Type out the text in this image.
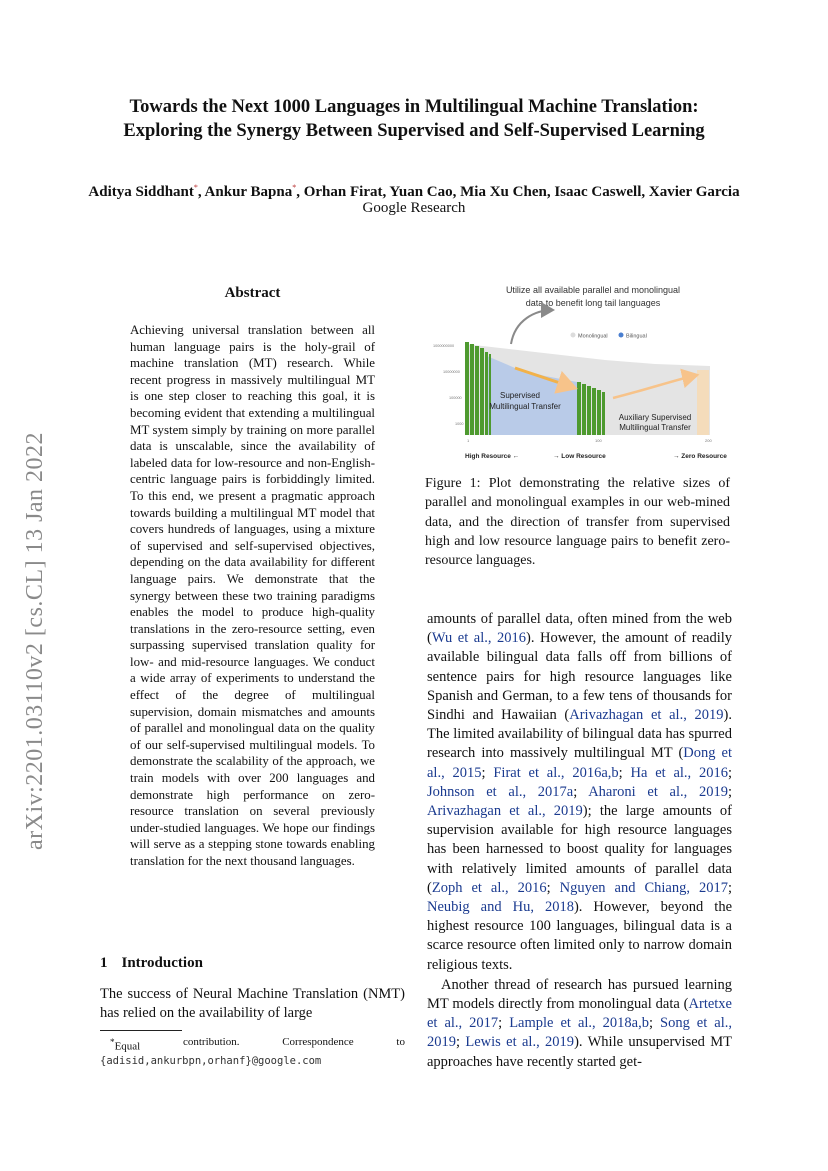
arXiv:2201.03110v2 [cs.CL] 13 Jan 2022
Towards the Next 1000 Languages in Multilingual Machine Translation:
Exploring the Synergy Between Supervised and Self-Supervised Learning
Aditya Siddhant*, Ankur Bapna*, Orhan Firat, Yuan Cao, Mia Xu Chen, Isaac Caswell, Xavier Garcia
Google Research
Abstract
Achieving universal translation between all human language pairs is the holy-grail of machine translation (MT) research. While recent progress in massively multilingual MT is one step closer to reaching this goal, it is becoming evident that extending a multilingual MT system simply by training on more parallel data is unscalable, since the availability of labeled data for low-resource and non-English-centric language pairs is forbiddingly limited. To this end, we present a pragmatic approach towards building a multilingual MT model that covers hundreds of languages, using a mixture of supervised and self-supervised objectives, depending on the data availability for different language pairs. We demonstrate that the synergy between these two training paradigms enables the model to produce high-quality translations in the zero-resource setting, even surpassing supervised translation quality for low- and mid-resource languages. We conduct a wide array of experiments to understand the effect of the degree of multilingual supervision, domain mismatches and amounts of parallel and monolingual data on the quality of our self-supervised multilingual models. To demonstrate the scalability of the approach, we train models with over 200 languages and demonstrate high performance on zero-resource translation on several previously under-studied languages. We hope our findings will serve as a stepping stone towards enabling translation for the next thousand languages.
1 Introduction
The success of Neural Machine Translation (NMT) has relied on the availability of large
*Equal	contribution.	Correspondence	to
{adisid,ankurbpn,orhanf}@google.com
Utilize all available parallel and monolingual
data to benefit long tail languages
Monolingual	Bilingual
1000000000
10000000
100000
1000
1	100	200
Supervised
Multilingual Transfer
Auxiliary Supervised
Multilingual Transfer
High Resource ←	→ Low Resource	→ Zero Resource
Figure 1: Plot demonstrating the relative sizes of parallel and monolingual examples in our web-mined data, and the direction of transfer from supervised high and low resource language pairs to benefit zero-resource languages.

amounts of parallel data, often mined from the web (Wu et al., 2016). However, the amount of readily available bilingual data falls off from billions of sentence pairs for high resource languages like Spanish and German, to a few tens of thousands for Sindhi and Hawaiian (Arivazhagan et al., 2019). The limited availability of bilingual data has spurred research into massively multilingual MT (Dong et al., 2015; Firat et al., 2016a,b; Ha et al., 2016; Johnson et al., 2017a; Aharoni et al., 2019; Arivazhagan et al., 2019); the large amounts of supervision available for high resource languages has been harnessed to boost quality for languages with relatively limited amounts of parallel data (Zoph et al., 2016; Nguyen and Chiang, 2017; Neubig and Hu, 2018). However, beyond the highest resource 100 languages, bilingual data is a scarce resource often limited only to narrow domain religious texts.

Another thread of research has pursued learning MT models directly from monolingual data (Artetxe et al., 2017; Lample et al., 2018a,b; Song et al., 2019; Lewis et al., 2019). While unsupervised MT approaches have recently started get-
